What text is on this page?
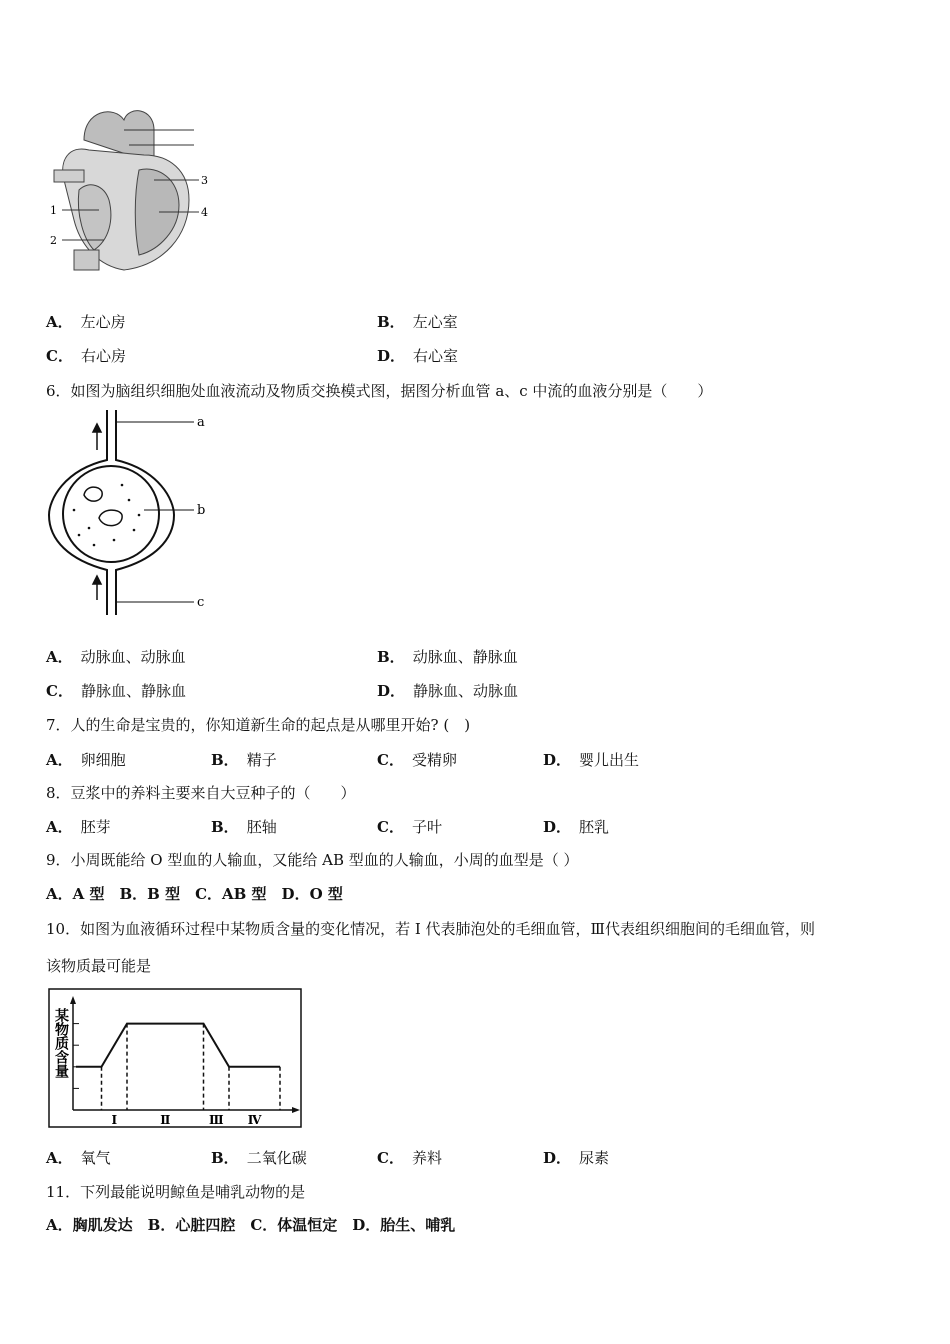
1
2
3
4
A． 左心房	B． 左心室
C． 右心房	D． 右心室
6．如图为脑组织细胞处血液流动及物质交换模式图，据图分析血管 a、c 中流的血液分别是（　　）
a
b
c
A． 动脉血、动脉血	B． 动脉血、静脉血
C． 静脉血、静脉血	D． 静脉血、动脉血
7．人的生命是宝贵的，你知道新生命的起点是从哪里开始? (　)
A． 卵细胞	B． 精子	C． 受精卵	D． 婴儿出生
8．豆浆中的养料主要来自大豆种子的（　　）
A． 胚芽	B． 胚轴	C． 子叶	D． 胚乳
9．小周既能给 O 型血的人输血，又能给 AB 型血的人输血，小周的血型是（ ）
A．A 型　B．B 型　C．AB 型　D．O 型
10．如图为血液循环过程中某物质含量的变化情况，若 I 代表肺泡处的毛细血管，Ⅲ代表组织细胞间的毛细血管，则
该物质最可能是
某物质含量
I	Ⅱ	Ⅲ Ⅳ
A． 氧气	B． 二氧化碳	C． 养料	D． 尿素
11．下列最能说明鲸鱼是哺乳动物的是
A．胸肌发达　B．心脏四腔　C．体温恒定　D．胎生、哺乳
